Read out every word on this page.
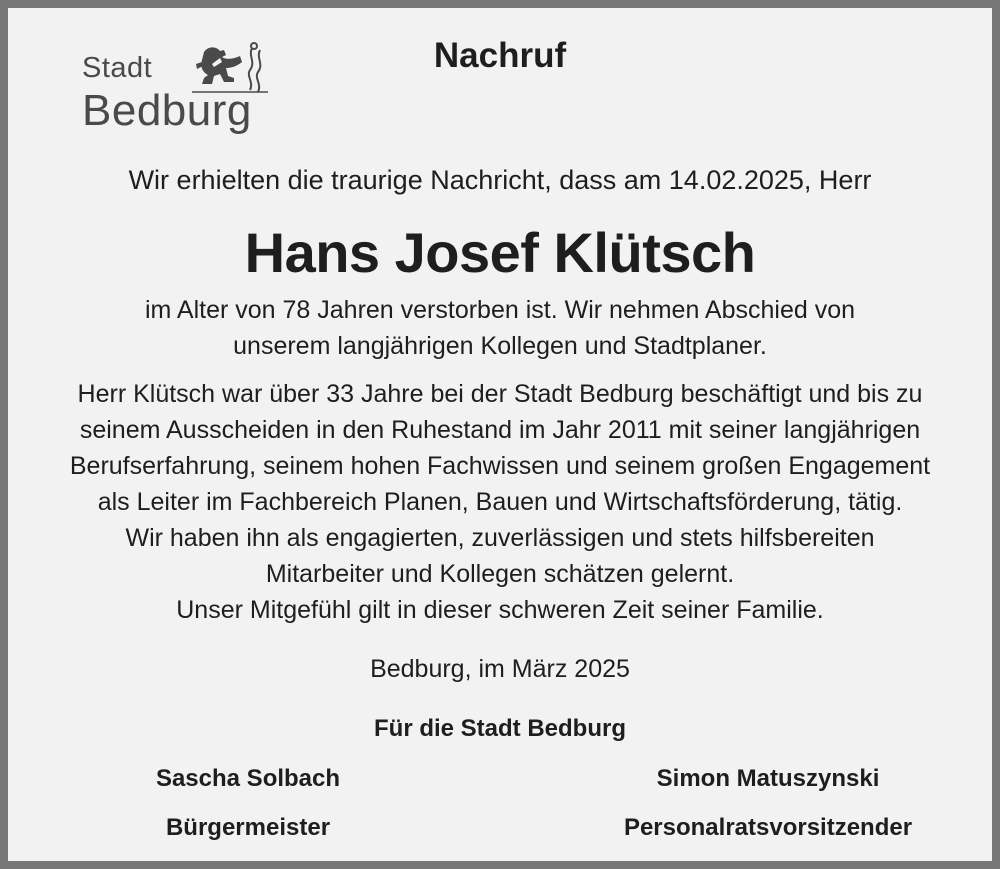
Stadt
Bedburg
Nachruf
Wir erhielten die traurige Nachricht, dass am 14.02.2025, Herr
Hans Josef Klütsch
im Alter von 78 Jahren verstorben ist. Wir nehmen Abschied von
unserem langjährigen Kollegen und Stadtplaner.
Herr Klütsch war über 33 Jahre bei der Stadt Bedburg beschäftigt und bis zu
seinem Ausscheiden in den Ruhestand im Jahr 2011 mit seiner langjährigen
Berufserfahrung, seinem hohen Fachwissen und seinem großen Engagement
als Leiter im Fachbereich Planen, Bauen und Wirtschaftsförderung, tätig.
Wir haben ihn als engagierten, zuverlässigen und stets hilfsbereiten
Mitarbeiter und Kollegen schätzen gelernt.
Unser Mitgefühl gilt in dieser schweren Zeit seiner Familie.
Bedburg, im März 2025
Für die Stadt Bedburg
Sascha Solbach	Simon Matuszynski
Bürgermeister	Personalratsvorsitzender
